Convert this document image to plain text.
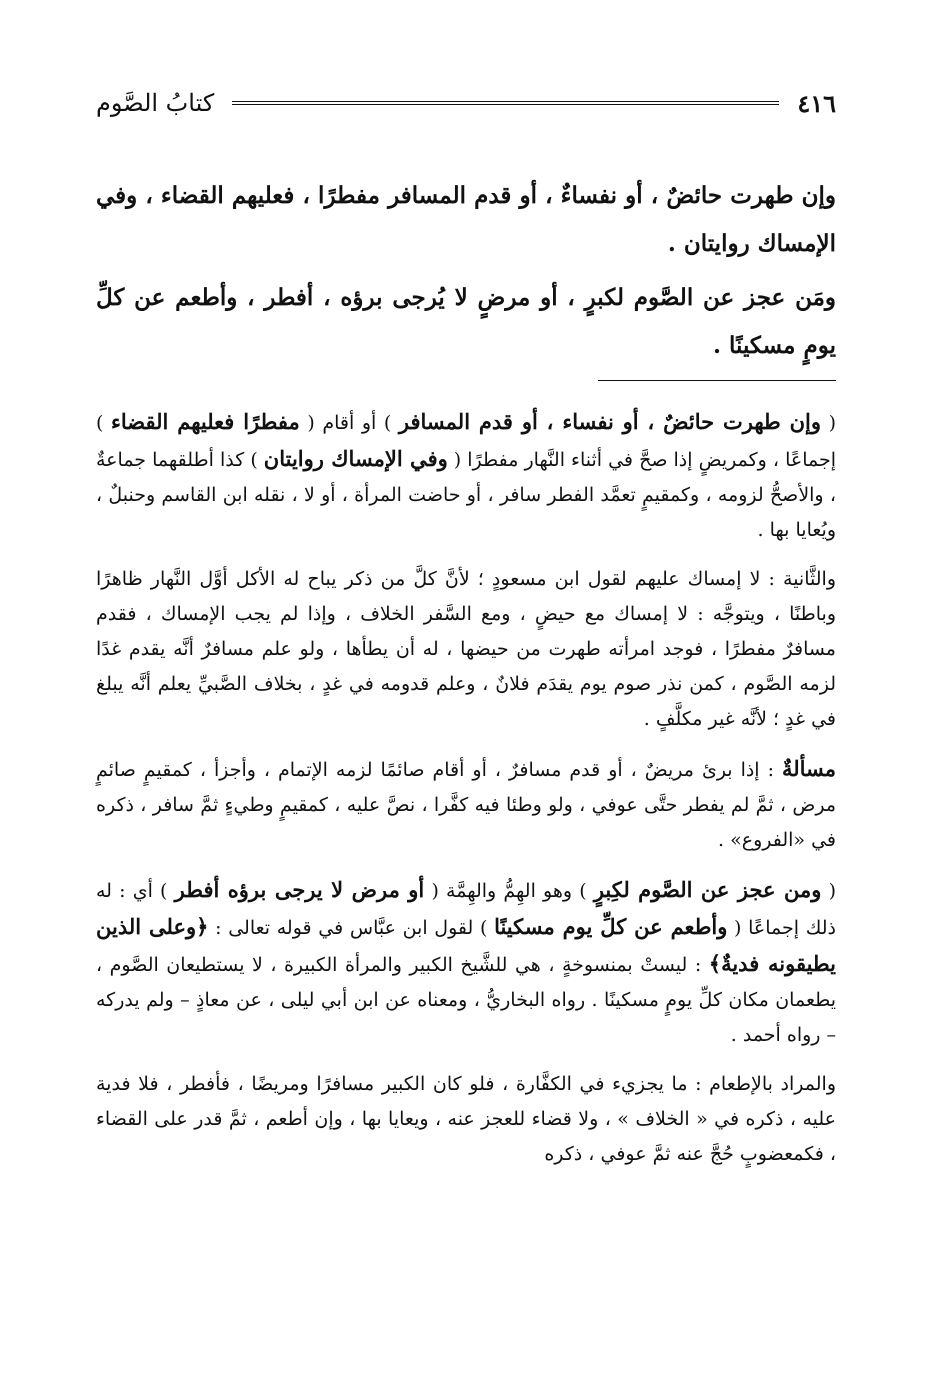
٤١٦
كتابُ الصَّوم

وإن طهرت حائضٌ ، أو نفساءٌ ، أو قدم المسافر مفطرًا ، فعليهم القضاء ، وفي الإمساك روايتان .

ومَن عجز عن الصَّوم لكبرٍ ، أو مرضٍ لا يُرجى برؤه ، أفطر ، وأطعم عن كلِّ يومٍ مسكينًا .

( وإن طهرت حائضٌ ، أو نفساء ، أو قدم المسافر ) أو أقام ( مفطرًا فعليهم القضاء ) إجماعًا ، وكمريضٍ إذا صحَّ في أثناء النَّهار مفطرًا ( وفي الإمساك روايتان ) كذا أطلقهما جماعةٌ ، والأصحُّ لزومه ، وكمقيمٍ تعمَّد الفطر سافر ، أو حاضت المرأة ، أو لا ، نقله ابن القاسم وحنبلٌ ، ويُعايا بها .

والثَّانية : لا إمساك عليهم لقول ابن مسعودٍ ؛ لأنَّ كلَّ من ذكر يباح له الأكل أوَّل النَّهار ظاهرًا وباطنًا ، ويتوجَّه : لا إمساك مع حيضٍ ، ومع السَّفر الخلاف ، وإذا لم يجب الإمساك ، فقدم مسافرٌ مفطرًا ، فوجد امرأته طهرت من حيضها ، له أن يطأها ، ولو علم مسافرٌ أنَّه يقدم غدًا لزمه الصَّوم ، كمن نذر صوم يوم يقدَم فلانٌ ، وعلم قدومه في غدٍ ، بخلاف الصَّبيِّ يعلم أنَّه يبلغ في غدٍ ؛ لأنَّه غير مكلَّفٍ .

مسألةٌ : إذا برئ مريضٌ ، أو قدم مسافرٌ ، أو أقام صائمًا لزمه الإتمام ، وأجزأ ، كمقيمٍ صائمٍ مرض ، ثمَّ لم يفطر حتَّى عوفي ، ولو وطئا فيه كفَّرا ، نصَّ عليه ، كمقيمٍ وطيءٍ ثمَّ سافر ، ذكره في «الفروع» .

( ومن عجز عن الصَّوم لكِبرٍ ) وهو الهِمُّ والهِمَّة ( أو مرض لا يرجى برؤه أفطر ) أي : له ذلك إجماعًا ( وأطعم عن كلِّ يوم مسكينًا ) لقول ابن عبَّاس في قوله تعالى : ﴿وعلى الذين يطيقونه فديةٌ﴾ : ليستْ بمنسوخةٍ ، هي للشَّيخ الكبير والمرأة الكبيرة ، لا يستطيعان الصَّوم ، يطعمان مكان كلِّ يومٍ مسكينًا . رواه البخاريُّ ، ومعناه عن ابن أبي ليلى ، عن معاذٍ – ولم يدركه – رواه أحمد .

والمراد بالإطعام : ما يجزيء في الكفَّارة ، فلو كان الكبير مسافرًا ومريضًا ، فأفطر ، فلا فدية عليه ، ذكره في « الخلاف » ، ولا قضاء للعجز عنه ، ويعايا بها ، وإن أطعم ، ثمَّ قدر على القضاء ، فكمعضوبٍ حُجَّ عنه ثمَّ عوفي ، ذكره
